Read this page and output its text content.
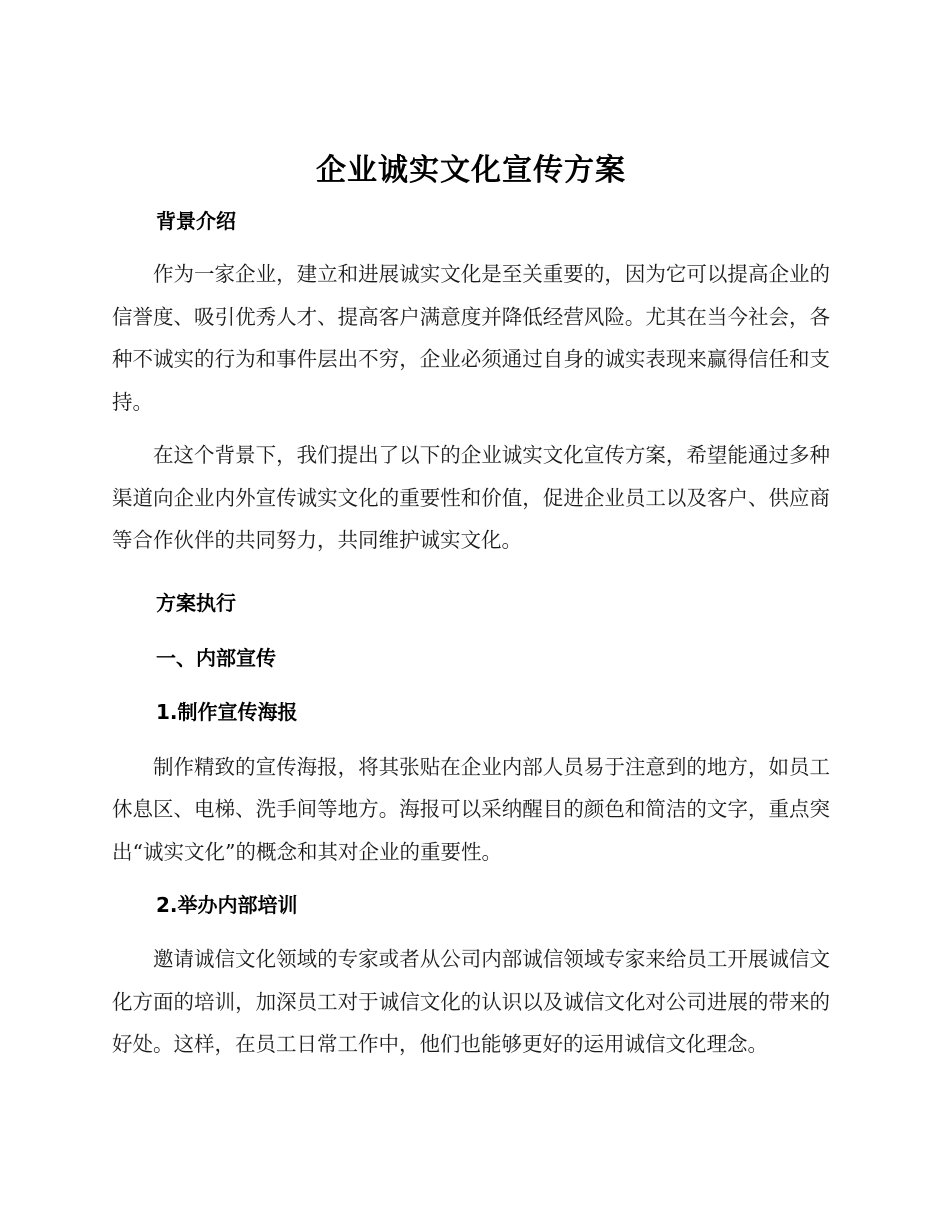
企业诚实文化宣传方案
背景介绍

作为一家企业，建立和进展诚实文化是至关重要的，因为它可以提高企业的信誉度、吸引优秀人才、提高客户满意度并降低经营风险。尤其在当今社会，各种不诚实的行为和事件层出不穷，企业必须通过自身的诚实表现来赢得信任和支持。

在这个背景下，我们提出了以下的企业诚实文化宣传方案，希望能通过多种渠道向企业内外宣传诚实文化的重要性和价值，促进企业员工以及客户、供应商等合作伙伴的共同努力，共同维护诚实文化。

方案执行
一、内部宣传
1.制作宣传海报

制作精致的宣传海报，将其张贴在企业内部人员易于注意到的地方，如员工休息区、电梯、洗手间等地方。海报可以采纳醒目的颜色和简洁的文字，重点突出“诚实文化”的概念和其对企业的重要性。

2.举办内部培训

邀请诚信文化领域的专家或者从公司内部诚信领域专家来给员工开展诚信文化方面的培训，加深员工对于诚信文化的认识以及诚信文化对公司进展的带来的好处。这样，在员工日常工作中，他们也能够更好的运用诚信文化理念。
